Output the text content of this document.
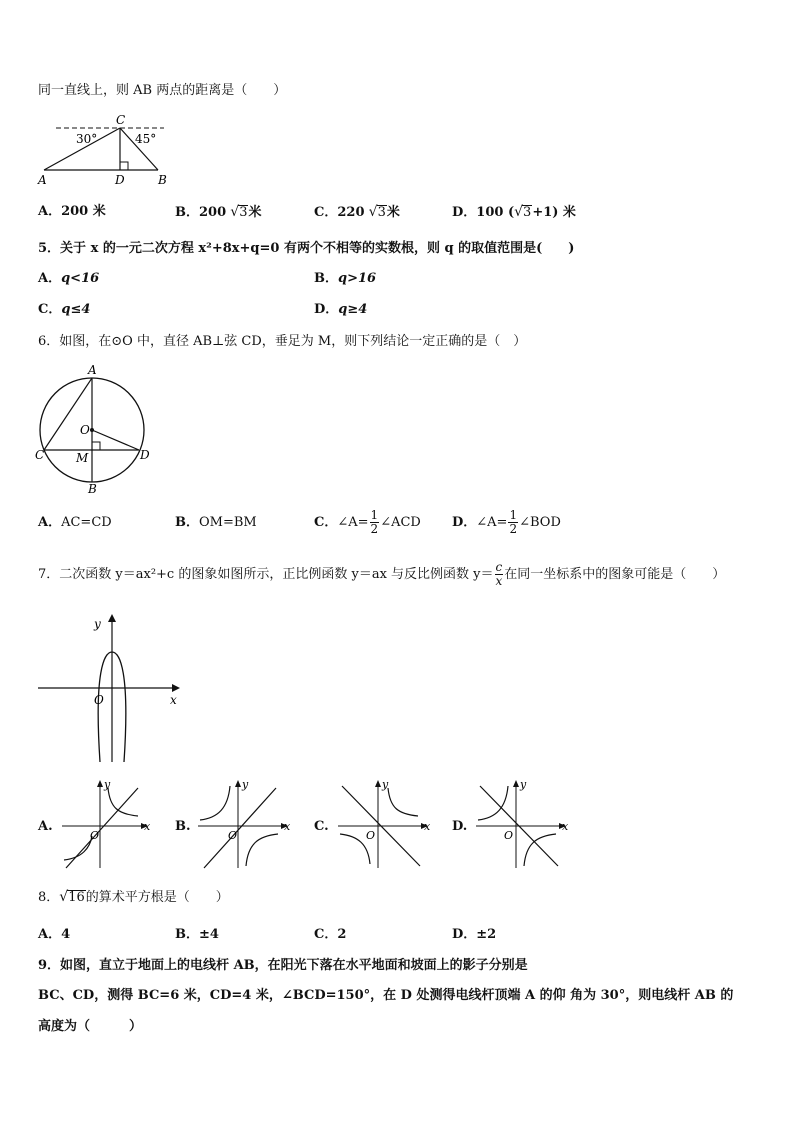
同一直线上，则 AB 两点的距离是（　　）
30°	45°
C
A	D	B
A．200 米	B．200 √3米	C．220 √3米	D．100 (√3+1) 米
5．关于 x 的一元二次方程 x²+8x+q=0 有两个不相等的实数根，则 q 的取值范围是(　　)
A．q<16	B．q>16
C．q≤4	D．q≥4
6．如图，在⊙O 中，直径 AB⊥弦 CD，垂足为 M，则下列结论一定正确的是（　）
A
O
C	M	D
B
A．AC=CD	B．OM=BM	C．∠A= $\frac{1}{2}$ ∠ACD D．∠A= $\frac{1}{2}$ ∠BOD
7．二次函数 y＝ax²+c 的图象如图所示，正比例函数 y＝ax 与反比例函数 $y= \frac{c}{x}$ 在同一坐标系中的图象可能是（　　）
y
x
O
A.
y
x
O
B.
y
x
O
C.
y
x
O
D.
y
x
O
8．√16的算术平方根是（　　）
A．4	B．±4	C．2	D．±2
9．如图，直立于地面上的电线杆 AB，在阳光下落在水平地面和坡面上的影子分别是
BC、CD，测得 BC=6 米，CD=4 米，∠BCD=150°，在 D 处测得电线杆顶端 A 的仰 角为 30°，则电线杆 AB 的
高度为（　　　）
